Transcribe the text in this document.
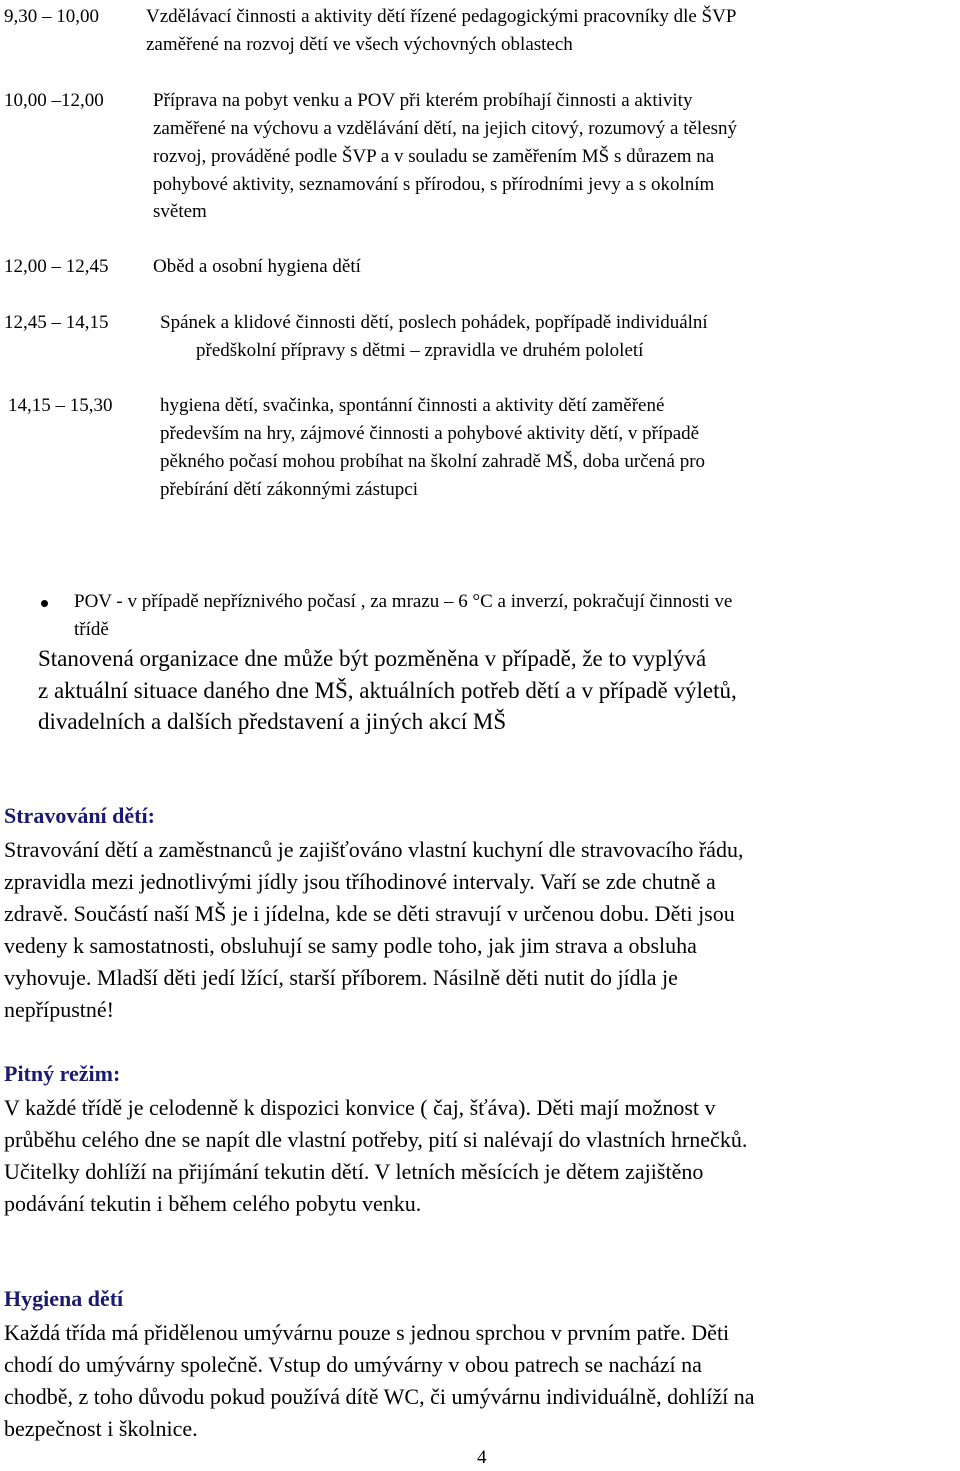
9,30 – 10,00 Vzdělávací činnosti a aktivity dětí řízené pedagogickými pracovníky dle ŠVP
zaměřené na rozvoj dětí ve všech výchovných oblastech
10,00 –12,00	Příprava na pobyt venku a POV při kterém probíhají činnosti a aktivity
zaměřené na výchovu a vzdělávání dětí, na jejich citový, rozumový a tělesný
rozvoj, prováděné podle ŠVP a v souladu se zaměřením MŠ s důrazem na
pohybové aktivity, seznamování s přírodou, s přírodními jevy a s okolním
světem
12,00 – 12,45 Oběd a osobní hygiena dětí
12,45 – 14,15	Spánek a klidové činnosti dětí, poslech pohádek, popřípadě individuální
předškolní přípravy s dětmi – zpravidla ve druhém pololetí
14,15 – 15,30	hygiena dětí, svačinka, spontánní činnosti a aktivity dětí zaměřené
především na hry, zájmové činnosti a pohybové aktivity dětí, v případě
pěkného počasí mohou probíhat na školní zahradě MŠ, doba určená pro
přebírání dětí zákonnými zástupci
POV - v případě nepříznivého počasí , za mrazu – 6 °C a inverzí, pokračují činnosti ve
třídě
Stanovená organizace dne může být pozměněna v případě, že to vyplývá
z aktuální situace daného dne MŠ, aktuálních potřeb dětí a v případě výletů,
divadelních a dalších představení a jiných akcí MŠ
Stravování dětí:
Stravování dětí a zaměstnanců je zajišťováno vlastní kuchyní dle stravovacího řádu,
zpravidla mezi jednotlivými jídly jsou tříhodinové intervaly. Vaří se zde chutně a
zdravě. Součástí naší MŠ je i jídelna, kde se děti stravují v určenou dobu. Děti jsou
vedeny k samostatnosti, obsluhují se samy podle toho, jak jim strava a obsluha
vyhovuje. Mladší děti jedí lžící, starší příborem. Násilně děti nutit do jídla je
nepřípustné!
Pitný režim:
V každé třídě je celodenně k dispozici konvice ( čaj, šťáva). Děti mají možnost v
průběhu celého dne se napít dle vlastní potřeby, pití si nalévají do vlastních hrnečků.
Učitelky dohlíží na přijímání tekutin dětí. V letních měsících je dětem zajištěno
podávání tekutin i během celého pobytu venku.
Hygiena dětí
Každá třída má přidělenou umývárnu pouze s jednou sprchou v prvním patře. Děti
chodí do umývárny společně. Vstup do umývárny v obou patrech se nachází na
chodbě, z toho důvodu pokud používá dítě WC, či umývárnu individuálně, dohlíží na
bezpečnost i školnice.
4
